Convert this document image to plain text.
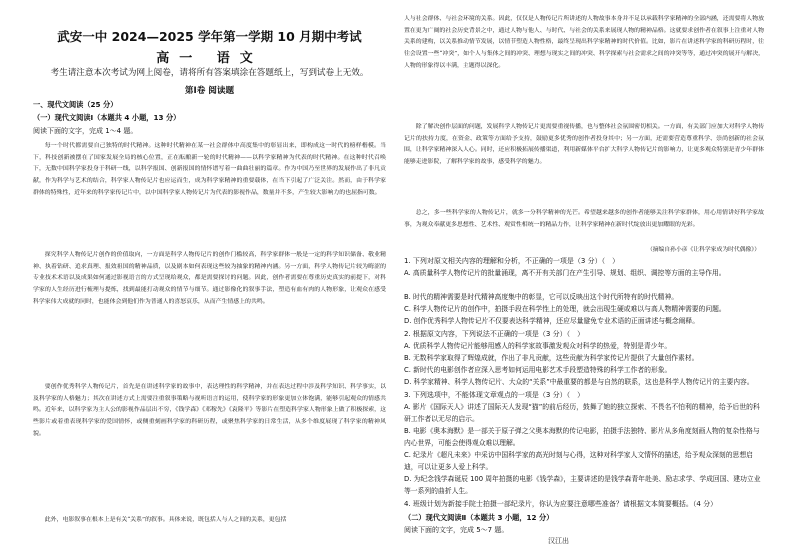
武安一中 2024—2025 学年第一学期 10 月期中考试
高一 语文
考生请注意本次考试为网上阅卷，请将所有答案填涂在答题纸上，写到试卷上无效。
第Ⅰ卷 阅读题
一、现代文阅读（25 分）
（一）现代文阅读Ⅰ（本题共 4 小题，13 分）
阅读下面的文字，完成 1～4 题。
每一个时代都需要自己独特的时代精神。这种时代精神在某一社会群体中高度集中的彰显出来，即构成这一时代的榜样楷模。当下，科技创新被摆在了国家发展全局的核心位置，正在酝酿新一轮的时代精神——以科学家精神为代表的时代精神。在这种时代召唤下，无数中国科学家投身于科研一线，以科学报国、创新报国的情怀谱写着一曲曲壮丽的篇章。作为中国乃至世界的发展作出了非凡贡献，作为科学与艺术的结合，科学家人物传记片也应运而生，成为科学家精神的重要载体，在当下引起了广泛关注。然而，由于科学家群体的特殊性，近年来的科学家传记片中，以中国科学家人物传记片为代表的影视作品，数量并不多，产生较大影响力的也屈指可数。
探究科学人物传记片创作的价值取向，一方面是科学人物传记片的创作门槛较高，科学家群体一般是一定的科学知识储备、敬业精神、执着钻研、追求真理、报效祖国的精神品质，以及剧本如何表现这些较为抽象的精神内涵。另一方面，科学人物传记片较为晦涩的专业技术术语以及成果如何通过影视语言的方式呈现给观众，都是需要探讨的问题。因此，创作者需要在尊重历史真实的前提下，对科学家的人生经历进行梳理与提炼，找到最能打动观众的情节与细节。通过影像化的叙事手法，塑造有血有肉的人物形象，让观众在感受科学家伟大成就的同时，也能体会到他们作为普通人的喜怒哀乐，从而产生情感上的共鸣。
要创作优秀科学人物传记片，首先是在讲述科学家的故事中，表达理性的科学精神，并在表达过程中涉及科学知识、科学事实，以及科学家的人格魅力；其次在讲述方式上需要注重叙事策略与视听语言的运用，使科学家的形象更加立体饱满，能够引起观众的情感共鸣。近年来，以科学家为主人公的影视作品层出不穷，《钱学森》《邓稼先》《袁隆平》等影片在塑造科学家人物形象上做了积极探索，这些影片或着重表现科学家的爱国情怀，或侧重刻画科学家的科研历程，或聚焦科学家的日常生活，从多个维度展现了科学家的精神风貌。
此外，电影叙事在根本上是有关“关系”的叙事。具体来说，既包括人与人之间的关系，更包括
人与社会群体、与社会环境的关系。因此，仅仅是人物传记片所讲述的人物故事本身并不足以承载科学家精神的全部内涵，还需要将人物放置在更为广阔的社会历史背景之中，通过人物与他人、与时代、与社会的关系来展现人物的精神品格。这就要求创作者在叙事上注重对人物关系的建构，以关系推动情节发展，以情节塑造人物性格，最终呈现出科学家精神的时代价值。比如，影片在讲述科学家的科研历程时，往往会设置一些“冲突”，如个人与集体之间的冲突、理想与现实之间的冲突、科学探索与社会需求之间的冲突等等，通过冲突的展开与解决，人物的形象得以丰满，主题得以深化。
除了解决创作层面的问题，发展科学人物传记片更需要重视传播，也与整体社会氛围密切相关。一方面，有关部门应加大对科学人物传记片的扶持力度，在资金、政策等方面给予支持，鼓励更多优秀的创作者投身其中；另一方面，还需要营造尊重科学、崇尚创新的社会氛围，让科学家精神深入人心。同时，还应积极拓展传播渠道，利用新媒体平台扩大科学人物传记片的影响力，让更多观众特别是青少年群体能够走进影院，了解科学家的故事，感受科学的魅力。
总之，多一些科学家的人物传记片，就多一分科学精神的光芒。希望越来越多的创作者能够关注科学家群体，用心用情讲好科学家故事，为观众奉献更多思想性、艺术性、观赏性相统一的精品力作，让科学家精神在新时代绽放出更加耀眼的光彩。
（摘编自孙小彦《让科学家成为时代偶像》）
1. 下列对原文相关内容的理解和分析，不正确的一项是（3 分）（　）
A. 高质量科学人物传记片的批量涌现，离不开有关部门在产生引导、规划、组织、调控等方面的主导作用。
B. 时代的精神需要是时代精神高度集中的彰显，它可以反映出这个时代所特有的时代精神。
C. 科学人物传记片的创作中，拍摄手段在科学性上的处理，就会出现生硬或难以与高人物精神需要的问题。
D. 创作优秀科学人物传记片不仅要表达科学精神，还应尽量避免专业术语的正面讲述与概念阐释。
2. 根据原文内容，下列说法不正确的一项是（3 分）（　）
A. 优质科学人物传记片能够用感人的科学家故事激发观众对科学的热爱，特别是青少年。
B. 无数科学家取得了辉煌成就，作出了非凡贡献，这些贡献为科学家传记片提供了大量创作素材。
C. 新时代的电影创作者应深入思考如何运用电影艺术手段塑造特殊的科学工作者的形象。
D. 科学家精神、科学人物传记片、大众的“关系”中最重要的都是与自然的联系，这也是科学人物传记片的主要内容。
3. 下列选项中，不能体现文章观点的一项是（3 分）（　）
A. 影片《国际天人》讲述了国际天人发现“猫”的前后经历，鼓舞了她的独立探索、不畏名不怕利的精神，给予后世的科研工作者以无尽的启示。
B. 电影《奥本海默》是一部关于原子弹之父奥本海默的传记电影，拍摄手法独特、影片从多角度刻画人物的复杂性格与内心世界，可能会使得观众难以理解。
C. 纪录片《超凡未来》中采访中国科学家的高光时刻与心得，这种对科学家人文情怀的描述，给予观众深刻的思想启迪，可以让更多人爱上科学。
D. 为纪念钱学森诞辰 100 周年拍摄的电影《钱学森》，主要讲述的是钱学森青年赴美、励志求学、学成回国、建功立业等一系列的曲折人生。
4. 班级计划为新接手院士拍摄一部纪录片，你认为应要注意哪些准备？请根据文本简要概括。（4 分）
（二）现代文阅读Ⅱ（本题共 3 小题，12 分）
阅读下面的文字，完成 5～7 题。
汉江出
